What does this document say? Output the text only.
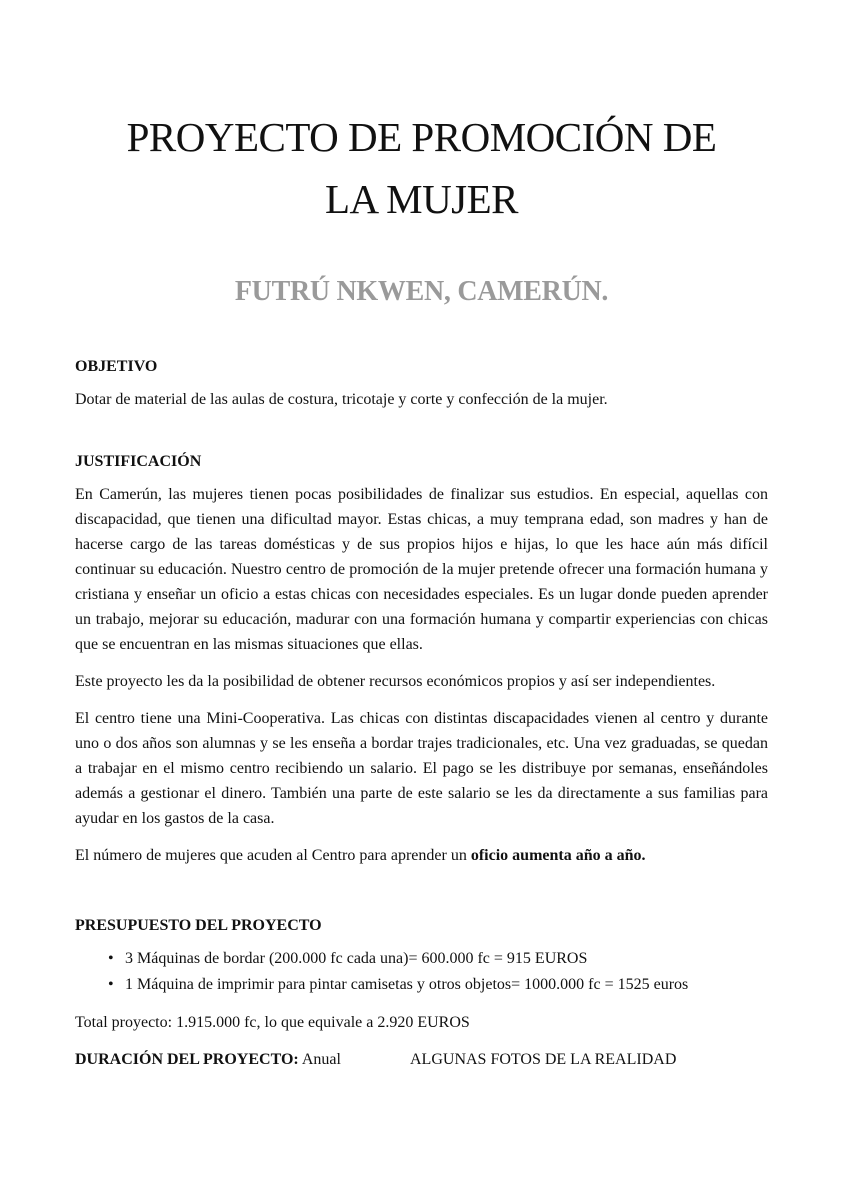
PROYECTO DE PROMOCIÓN DE
LA MUJER
FUTRÚ NKWEN, CAMERÚN.
OBJETIVO

Dotar de material de las aulas de costura, tricotaje y corte y confección de la mujer.

JUSTIFICACIÓN

En Camerún, las mujeres tienen pocas posibilidades de finalizar sus estudios. En especial, aquellas con discapacidad, que tienen una dificultad mayor. Estas chicas, a muy temprana edad, son madres y han de hacerse cargo de las tareas domésticas y de sus propios hijos e hijas, lo que les hace aún más difícil continuar su educación. Nuestro centro de promoción de la mujer pretende ofrecer una formación humana y cristiana y enseñar un oficio a estas chicas con necesidades especiales. Es un lugar donde pueden aprender un trabajo, mejorar su educación, madurar con una formación humana y compartir experiencias con chicas que se encuentran en las mismas situaciones que ellas.

Este proyecto les da la posibilidad de obtener recursos económicos propios y así ser independientes.

El centro tiene una Mini-Cooperativa. Las chicas con distintas discapacidades vienen al centro y durante uno o dos años son alumnas y se les enseña a bordar trajes tradicionales, etc. Una vez graduadas, se quedan a trabajar en el mismo centro recibiendo un salario. El pago se les distribuye por semanas, enseñándoles además a gestionar el dinero. También una parte de este salario se les da directamente a sus familias para ayudar en los gastos de la casa.

El número de mujeres que acuden al Centro para aprender un oficio aumenta año a año.

PRESUPUESTO DEL PROYECTO
• 3 Máquinas de bordar (200.000 fc cada una)= 600.000 fc = 915 EUROS
• 1 Máquina de imprimir para pintar camisetas y otros objetos= 1000.000 fc = 1525 euros

Total proyecto: 1.915.000 fc, lo que equivale a 2.920 EUROS

DURACIÓN DEL PROYECTO: Anual	ALGUNAS FOTOS DE LA REALIDAD
